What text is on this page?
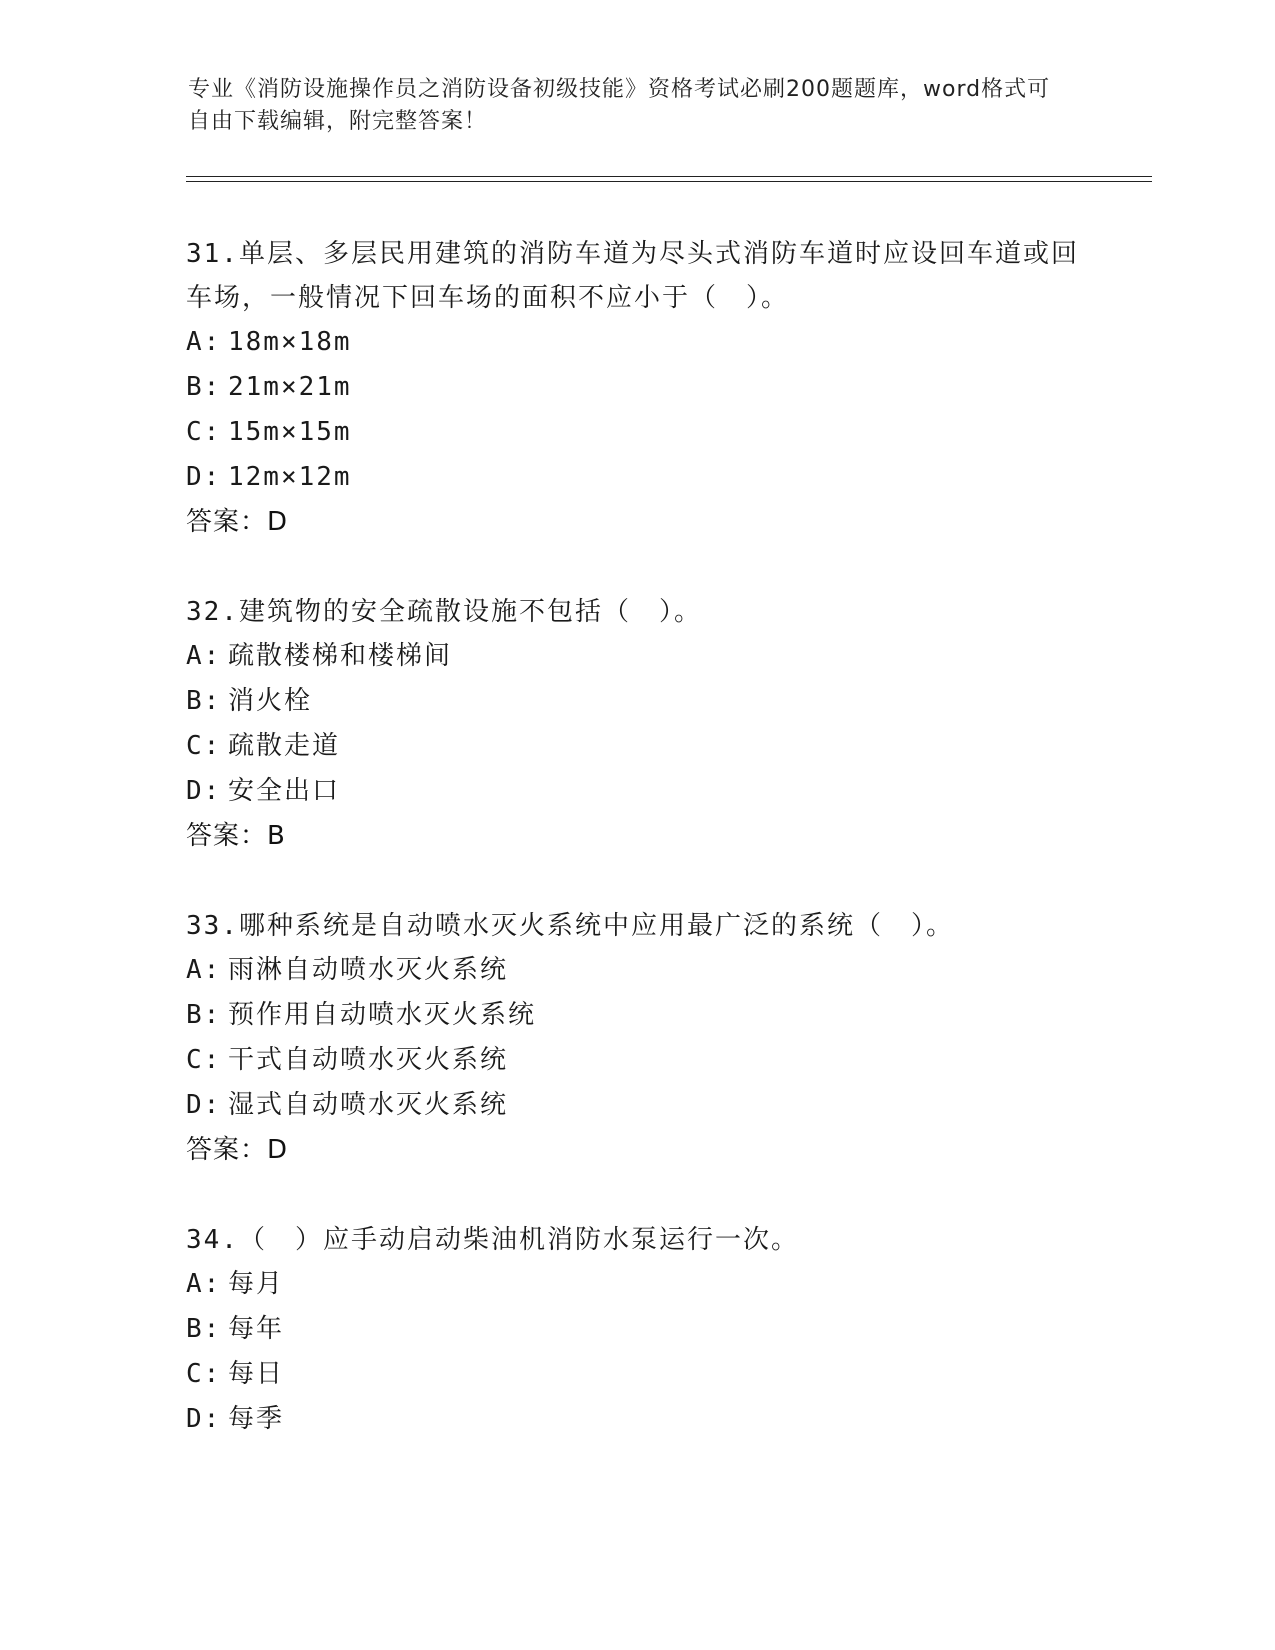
专业《消防设施操作员之消防设备初级技能》资格考试必刷200题题库，word格式可自由下载编辑，附完整答案！

31.单层、多层民用建筑的消防车道为尽头式消防车道时应设回车道或回车场，一般情况下回车场的面积不应小于（　）。

A: 18m×18m

B: 21m×21m

C: 15m×15m

D: 12m×12m

答案：D

32.建筑物的安全疏散设施不包括（　）。

A: 疏散楼梯和楼梯间

B: 消火栓

C: 疏散走道

D: 安全出口

答案：B

33.哪种系统是自动喷水灭火系统中应用最广泛的系统（　）。

A: 雨淋自动喷水灭火系统

B: 预作用自动喷水灭火系统

C: 干式自动喷水灭火系统

D: 湿式自动喷水灭火系统

答案：D

34.（　）应手动启动柴油机消防水泵运行一次。

A: 每月

B: 每年

C: 每日

D: 每季
